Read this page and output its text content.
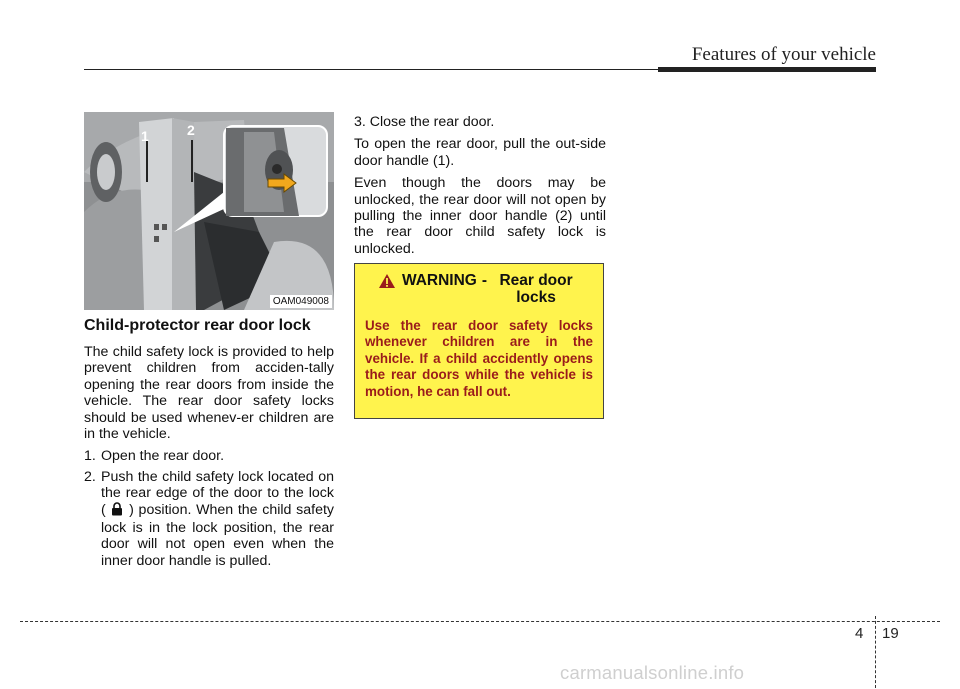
Features of your vehicle
1	2
OAM049008
Child-protector rear door lock

The child safety lock is provided to help prevent children from acciden-tally opening the rear doors from inside the vehicle. The rear door safety locks should be used whenev-er children are in the vehicle.

1. Open the rear door.
2. Push the child safety lock located on the rear edge of the door to the lock ( ) position. When the child safety lock is in the lock position, the rear door will not open even when the inner door handle is pulled.

3. Close the rear door.

To open the rear door, pull the out-side door handle (1).

Even though the doors may be unlocked, the rear door will not open by pulling the inner door handle (2) until the rear door child safety lock is unlocked.

WARNING - Rear door locks
Use the rear door safety locks whenever children are in the vehicle. If a child accidently opens the rear doors while the vehicle is motion, he can fall out.
4 19
carmanualsonline.info
